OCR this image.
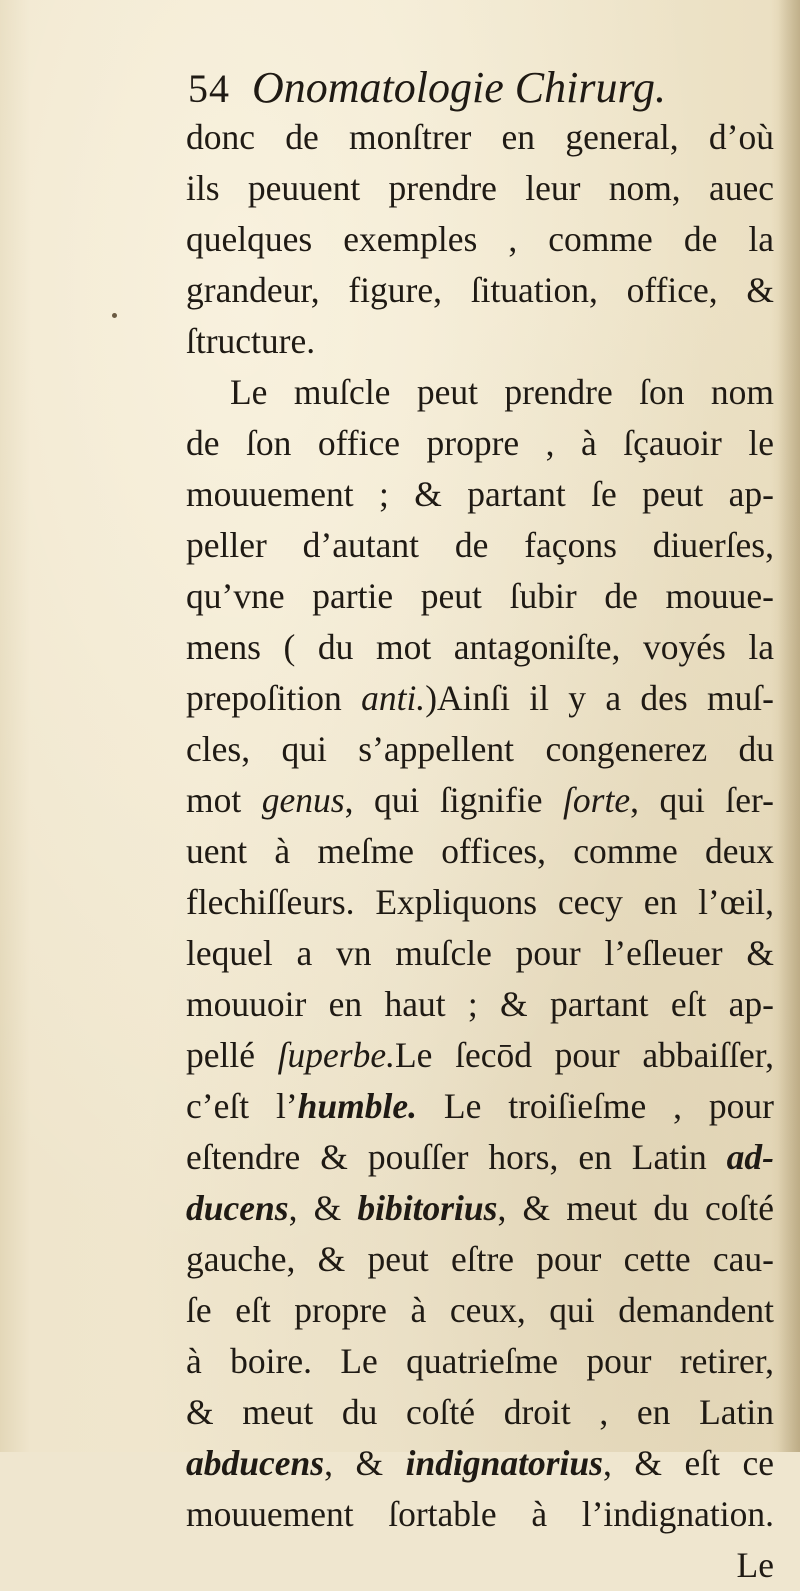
54 Onomatologie Chirurg.
donc de monſtrer en general, d’où
ils peuuent prendre leur nom, auec
quelques exemples , comme de la
grandeur, figure, ſituation, office, &
ſtructure.
Le muſcle peut prendre ſon nom
de ſon office propre , à ſçauoir le
mouuement ; & partant ſe peut ap-
peller d’autant de façons diuerſes,
qu’vne partie peut ſubir de mouue-
mens ( du mot antagoniſte, voyés la
prepoſition anti.)Ainſi il y a des muſ-
cles, qui s’appellent congenerez du
mot genus, qui ſignifie ſorte, qui ſer-
uent à meſme offices, comme deux
flechiſſeurs. Expliquons cecy en l’œil,
lequel a vn muſcle pour l’eſleuer &
mouuoir en haut ; & partant eſt ap-
pellé ſuperbe.Le ſecōd pour abbaiſſer,
c’eſt l’humble. Le troiſieſme , pour
eſtendre & pouſſer hors, en Latin ad-
ducens, & bibitorius, & meut du coſté
gauche, & peut eſtre pour cette cau-
ſe eſt propre à ceux, qui demandent
à boire. Le quatrieſme pour retirer,
& meut du coſté droit , en Latin
abducens, & indignatorius, & eſt ce
mouuement ſortable à l’indignation.
Le
